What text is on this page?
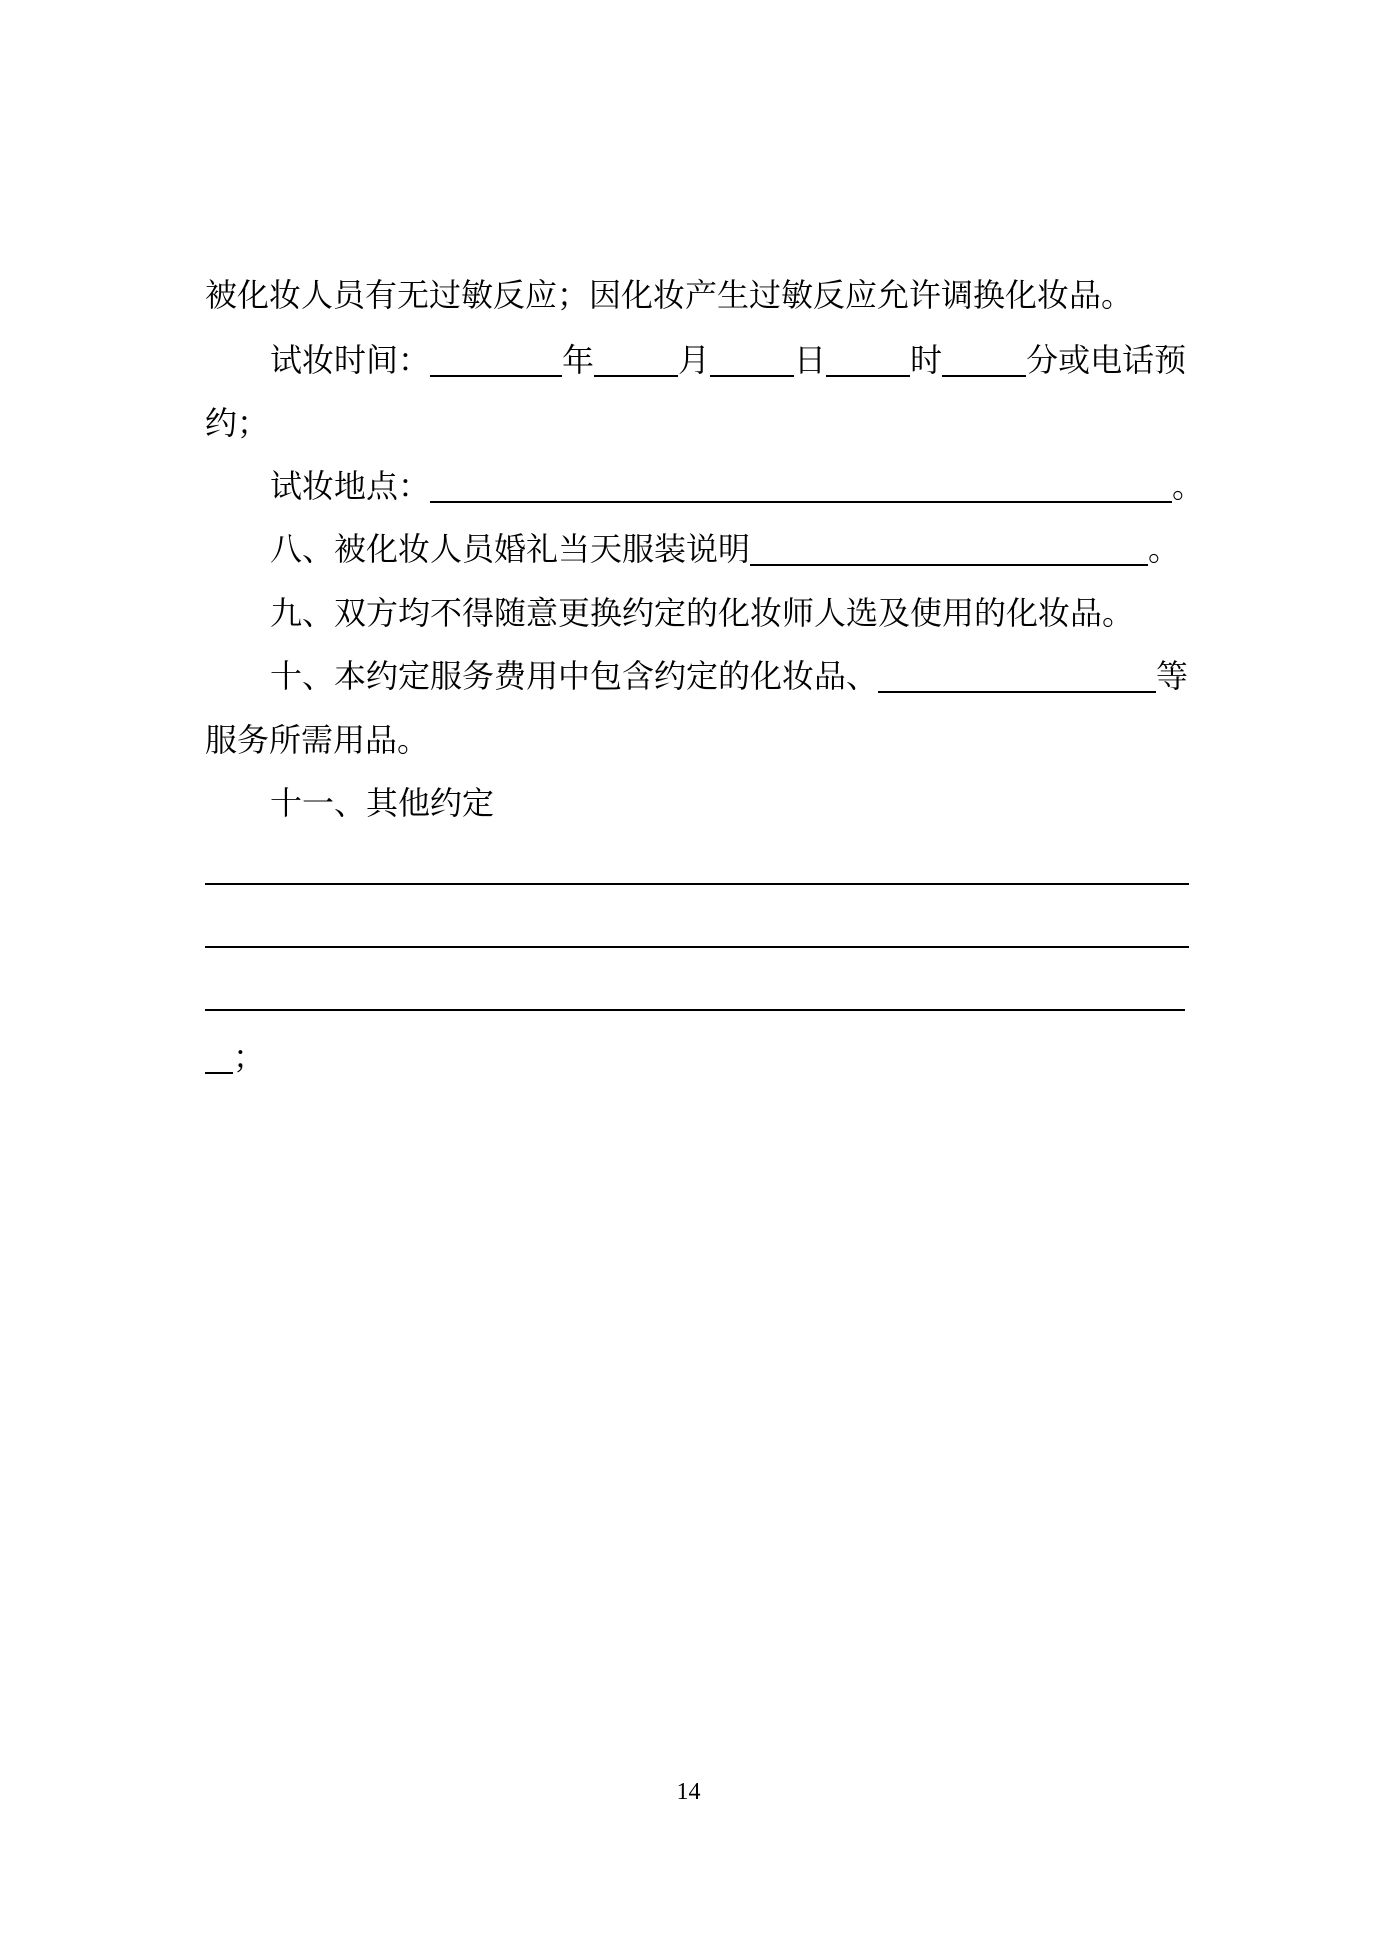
被化妆人员有无过敏反应；因化妆产生过敏反应允许调换化妆品。
试妆时间：	年	月	日	时	分或电话预
约；
试妆地点：	。
八、被化妆人员婚礼当天服装说明	。
九、双方均不得随意更换约定的化妆师人选及使用的化妆品。
十、本约定服务费用中包含约定的化妆品、	等
服务所需用品。
十一、其他约定
；
14
